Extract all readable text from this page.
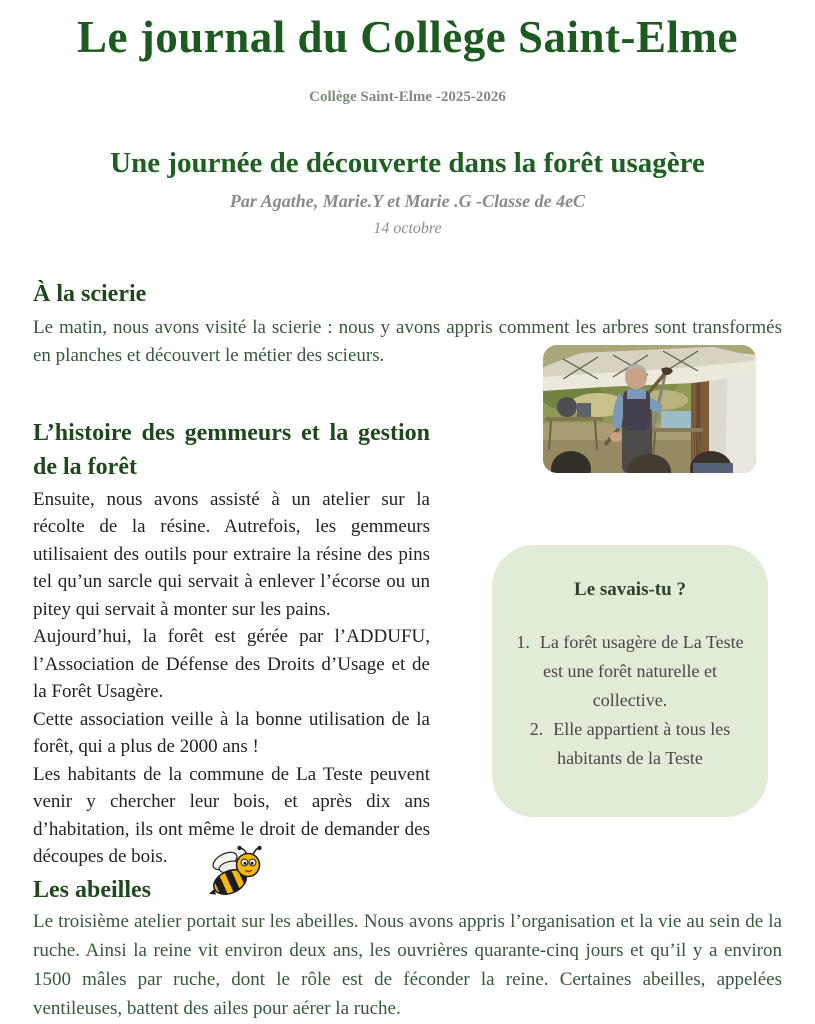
Le journal du Collège Saint-Elme
Collège Saint-Elme -2025-2026
Une journée de découverte dans la forêt usagère
Par Agathe, Marie.Y et Marie .G -Classe de 4eC
14 octobre
À la scierie

Le matin, nous avons visité la scierie : nous y avons appris comment les arbres sont transformés en planches et découvert le métier des scieurs.

L’histoire des gemmeurs et la gestion de la forêt

Ensuite, nous avons assisté à un atelier sur la récolte de la résine. Autrefois, les gemmeurs utilisaient des outils pour extraire la résine des pins tel qu’un sarcle qui servait à enlever l’écorse ou un pitey qui servait à monter sur les pains.

Aujourd’hui, la forêt est gérée par l’ADDUFU, l’Association de Défense des Droits d’Usage et de la Forêt Usagère.

Cette association veille à la bonne utilisation de la forêt, qui a plus de 2000 ans !

Les habitants de la commune de La Teste peuvent venir y chercher leur bois, et après dix ans d’habitation, ils ont même le droit de demander des découpes de bois.

Le savais-tu ?
1. La forêt usagère de La Teste est une forêt naturelle et collective.
2. Elle appartient à tous les habitants de la Teste
Les abeilles

Le troisième atelier portait sur les abeilles. Nous avons appris l’organisation et la vie au sein de la ruche. Ainsi la reine vit environ deux ans, les ouvrières quarante-cinq jours et qu’il y a environ 1500 mâles par ruche, dont le rôle est de féconder la reine. Certaines abeilles, appelées ventileuses, battent des ailes pour aérer la ruche.
